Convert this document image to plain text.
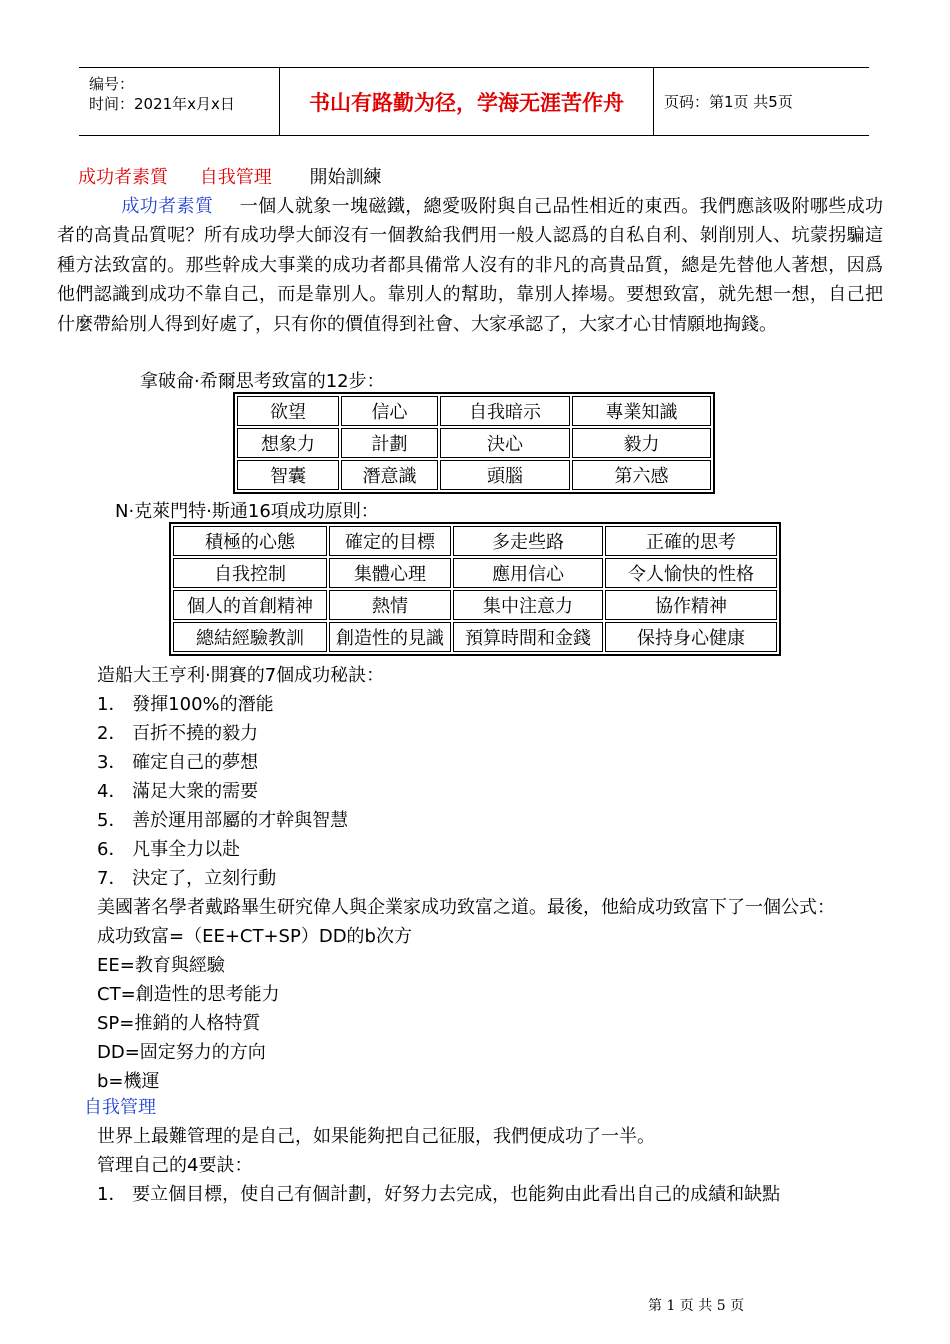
编号：
时间：2021年x月x日	书山有路勤为径，学海无涯苦作舟	页码：第1页 共5页
成功者素質 自我管理 開始訓練
成功者素質 一個人就象一塊磁鐵，總愛吸附與自己品性相近的東西。我們應該吸附哪些成功者的高貴品質呢？所有成功學大師沒有一個教給我們用一般人認爲的自私自利、剝削別人、坑蒙拐騙這種方法致富的。那些幹成大事業的成功者都具備常人沒有的非凡的高貴品質，總是先替他人著想，因爲他們認識到成功不靠自己，而是靠別人。靠別人的幫助，靠別人捧場。要想致富，就先想一想，自己把什麼帶給別人得到好處了，只有你的價值得到社會、大家承認了，大家才心甘情願地掏錢。
拿破侖·希爾思考致富的12步：
欲望	信心	自我暗示	專業知識
想象力	計劃	決心	毅力
智囊	潛意識	頭腦	第六感
N·克萊門特·斯通16項成功原則：
積極的心態	確定的目標	多走些路	正確的思考
自我控制	集體心理	應用信心	令人愉快的性格
個人的首創精神	熱情	集中注意力	協作精神
總結經驗教訓	創造性的見識	預算時間和金錢	保持身心健康
造船大王亨利·開賽的7個成功秘訣：
1． 發揮100%的潛能
2． 百折不撓的毅力
3． 確定自己的夢想
4． 滿足大衆的需要
5． 善於運用部屬的才幹與智慧
6． 凡事全力以赴
7． 決定了，立刻行動
美國著名學者戴路畢生研究偉人與企業家成功致富之道。最後，他給成功致富下了一個公式：
成功致富=（EE+CT+SP）DD的b次方
EE=教育與經驗
CT=創造性的思考能力
SP=推銷的人格特質
DD=固定努力的方向
b=機運
自我管理
世界上最難管理的是自己，如果能夠把自己征服，我們便成功了一半。
管理自己的4要訣：
1． 要立個目標，使自己有個計劃，好努力去完成，也能夠由此看出自己的成績和缺點
第 1 页 共 5 页
